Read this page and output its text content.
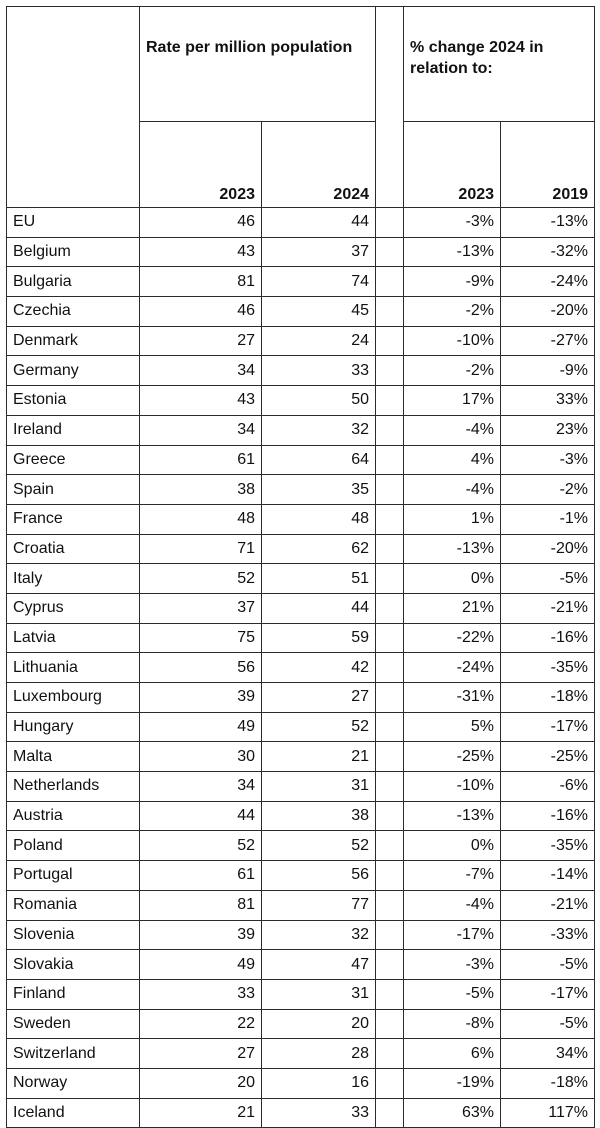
	Rate per million population			% change 2024 in relation to:	
	2023	2024		2023	2019
EU	46	44		-3%	-13%
Belgium	43	37		-13%	-32%
Bulgaria	81	74		-9%	-24%
Czechia	46	45		-2%	-20%
Denmark	27	24		-10%	-27%
Germany	34	33		-2%	-9%
Estonia	43	50		17%	33%
Ireland	34	32		-4%	23%
Greece	61	64		4%	-3%
Spain	38	35		-4%	-2%
France	48	48		1%	-1%
Croatia	71	62		-13%	-20%
Italy	52	51		0%	-5%
Cyprus	37	44		21%	-21%
Latvia	75	59		-22%	-16%
Lithuania	56	42		-24%	-35%
Luxembourg	39	27		-31%	-18%
Hungary	49	52		5%	-17%
Malta	30	21		-25%	-25%
Netherlands	34	31		-10%	-6%
Austria	44	38		-13%	-16%
Poland	52	52		0%	-35%
Portugal	61	56		-7%	-14%
Romania	81	77		-4%	-21%
Slovenia	39	32		-17%	-33%
Slovakia	49	47		-3%	-5%
Finland	33	31		-5%	-17%
Sweden	22	20		-8%	-5%
Switzerland	27	28		6%	34%
Norway	20	16		-19%	-18%
Iceland	21	33		63%	117%
